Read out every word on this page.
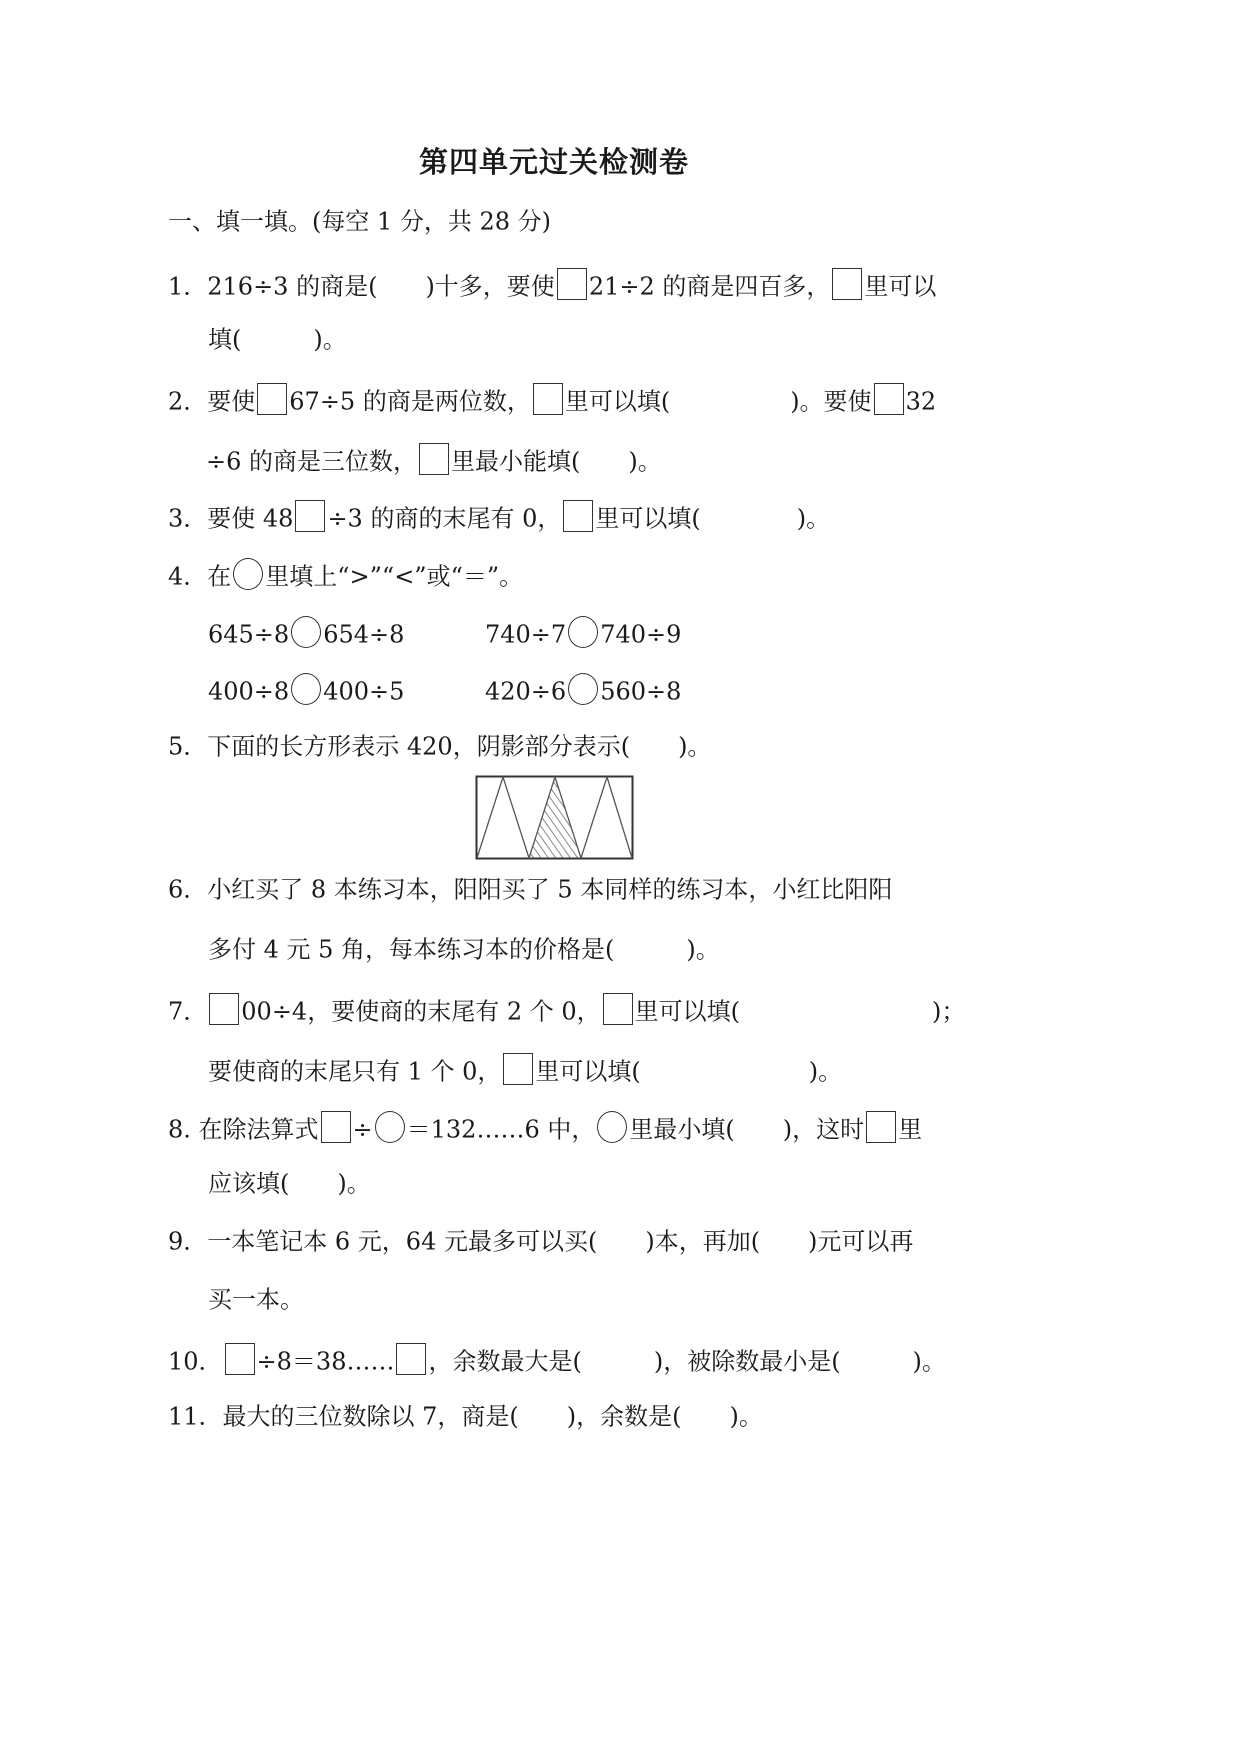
第四单元过关检测卷
一、填一填。(每空 1 分，共 28 分)
1．216÷3 的商是(　　)十多，要使 21÷2 的商是四百多， 里可以
填(　　　)。
2．要使 67÷5 的商是两位数， 里可以填(　　　　　)。要使 32
÷6 的商是三位数， 里最小能填(　　)。
3．要使 48 ÷3 的商的末尾有 0， 里可以填(　　　　)。
4．在 里填上“>”“<”或“＝”。
645÷8 654÷8	740÷7 740÷9
400÷8 400÷5	420÷6 560÷8
5．下面的长方形表示 420，阴影部分表示(　　)。
6．小红买了 8 本练习本，阳阳买了 5 本同样的练习本，小红比阳阳
多付 4 元 5 角，每本练习本的价格是(　　　)。
7． 00÷4，要使商的末尾有 2 个 0， 里可以填(　　　　　　　　)；
要使商的末尾只有 1 个 0， 里可以填(　　　　　　　)。
8. 在除法算式 ÷ ＝132……6 中， 里最小填(　　)，这时 里
应该填(　　)。
9．一本笔记本 6 元，64 元最多可以买(　　)本，再加(　　)元可以再
买一本。
10． ÷8＝38…… ，余数最大是(　　　)，被除数最小是(　　　)。
11．最大的三位数除以 7，商是(　　)，余数是(　　)。
